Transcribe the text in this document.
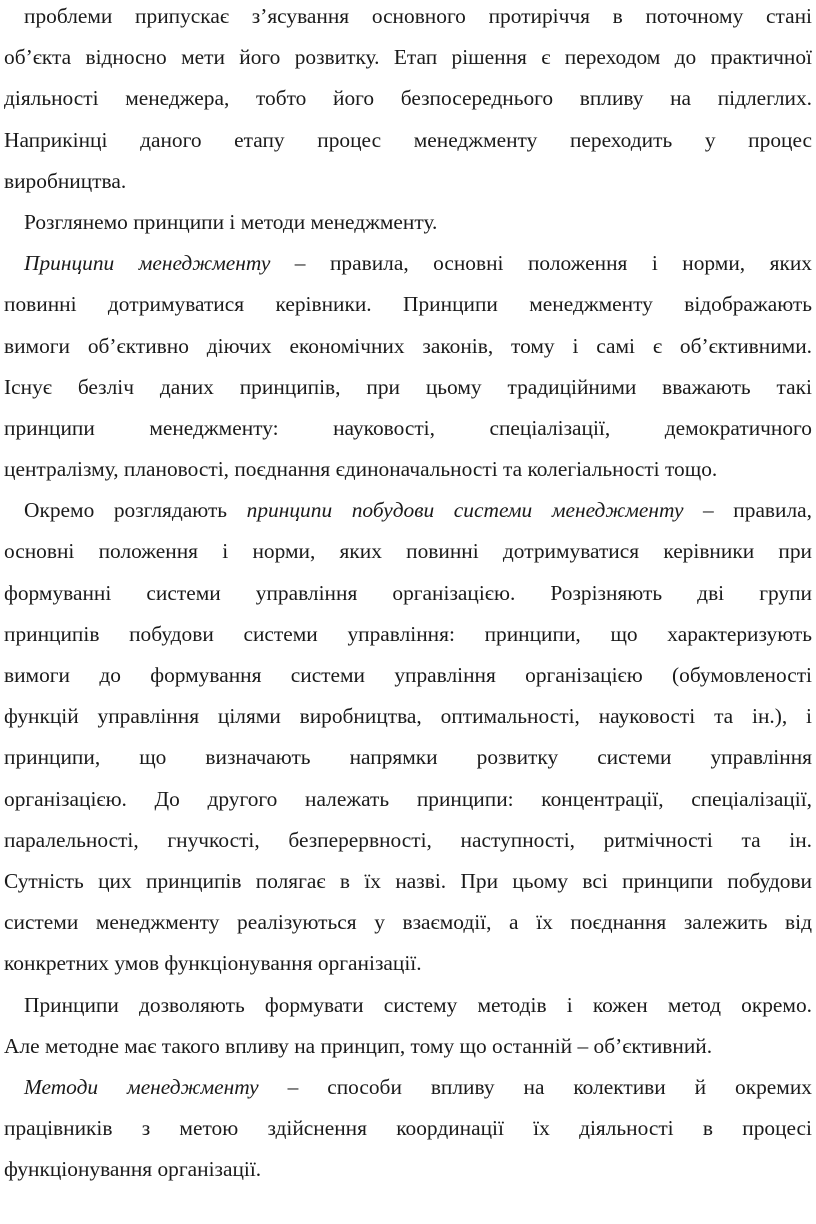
проблеми припускає з’ясування основного протиріччя в поточному стані
об’єкта відносно мети його розвитку. Етап рішення є переходом до практичної
діяльності менеджера, тобто його безпосереднього впливу на підлеглих.
Наприкінці даного етапу процес менеджменту переходить у процес
виробництва.
Розглянемо принципи і методи менеджменту.
Принципи менеджменту – правила, основні положення і норми, яких
повинні дотримуватися керівники. Принципи менеджменту відображають
вимоги об’єктивно діючих економічних законів, тому і самі є об’єктивними.
Існує безліч даних принципів, при цьому традиційними вважають такі
принципи менеджменту: науковості, спеціалізації, демократичного
централізму, плановості, поєднання єдиноначальності та колегіальності тощо.
Окремо розглядають принципи побудови системи менеджменту – правила,
основні положення і норми, яких повинні дотримуватися керівники при
формуванні системи управління організацією. Розрізняють дві групи
принципів побудови системи управління: принципи, що характеризують
вимоги до формування системи управління організацією (обумовленості
функцій управління цілями виробництва, оптимальності, науковості та ін.), і
принципи, що визначають напрямки розвитку системи управління
організацією. До другого належать принципи: концентрації, спеціалізації,
паралельності, гнучкості, безперервності, наступності, ритмічності та ін.
Сутність цих принципів полягає в їх назві. При цьому всі принципи побудови
системи менеджменту реалізуються у взаємодії, а їх поєднання залежить від
конкретних умов функціонування організації.
Принципи дозволяють формувати систему методів і кожен метод окремо.
Але методне має такого впливу на принцип, тому що останній – об’єктивний.
Методи менеджменту – способи впливу на колективи й окремих
працівників з метою здійснення координації їх діяльності в процесі
функціонування організації.
